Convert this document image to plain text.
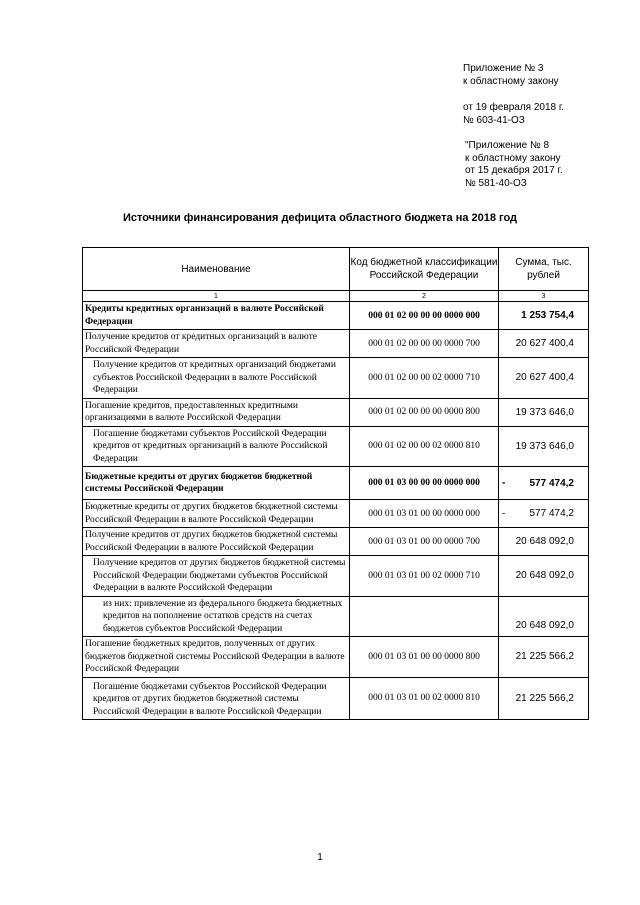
Приложение № 3
к областному закону
от 19 февраля 2018 г.
№ 603-41-ОЗ
"Приложение № 8
к областному закону
от 15 декабря 2017 г.
№ 581-40-ОЗ
Источники финансирования дефицита областного бюджета на 2018 год
Наименование	Код бюджетной классификации Российской Федерации	Сумма, тыс. рублей
1	2	3
Кредиты кредитных организаций в валюте Российской Федерации	000 01 02 00 00 00 0000 000	1 253 754,4
Получение кредитов от кредитных организаций в валюте Российской Федерации	000 01 02 00 00 00 0000 700	20 627 400,4
Получение кредитов от кредитных организаций бюджетами субъектов Российской Федерации в валюте Российской Федерации	000 01 02 00 00 02 0000 710	20 627 400,4
Погашение кредитов, предоставленных кредитными организациями в валюте Российской Федерации	000 01 02 00 00 00 0000 800	19 373 646,0
Погашение бюджетами субъектов Российской Федерации кредитов от кредитных организаций в валюте Российской Федерации	000 01 02 00 00 02 0000 810	19 373 646,0
Бюджетные кредиты от других бюджетов бюджетной системы Российской Федерации	000 01 03 00 00 00 0000 000	- 577 474,2
Бюджетные кредиты от других бюджетов бюджетной системы Российской Федерации в валюте Российской Федерации	000 01 03 01 00 00 0000 000	- 577 474,2
Получение кредитов от других бюджетов бюджетной системы Российской Федерации в валюте Российской Федерации	000 01 03 01 00 00 0000 700	20 648 092,0
Получение кредитов от других бюджетов бюджетной системы Российской Федерации бюджетами субъектов Российской Федерации в валюте Российской Федерации	000 01 03 01 00 02 0000 710	20 648 092,0
из них: привлечение из федерального бюджета бюджетных кредитов на пополнение остатков средств на счетах бюджетов субъектов Российской Федерации		20 648 092,0
Погашение бюджетных кредитов, полученных от других бюджетов бюджетной системы Российской Федерации в валюте Российской Федерации	000 01 03 01 00 00 0000 800	21 225 566,2
Погашение бюджетами субъектов Российской Федерации кредитов от других бюджетов бюджетной системы Российской Федерации в валюте Российской Федерации	000 01 03 01 00 02 0000 810	21 225 566,2
1
